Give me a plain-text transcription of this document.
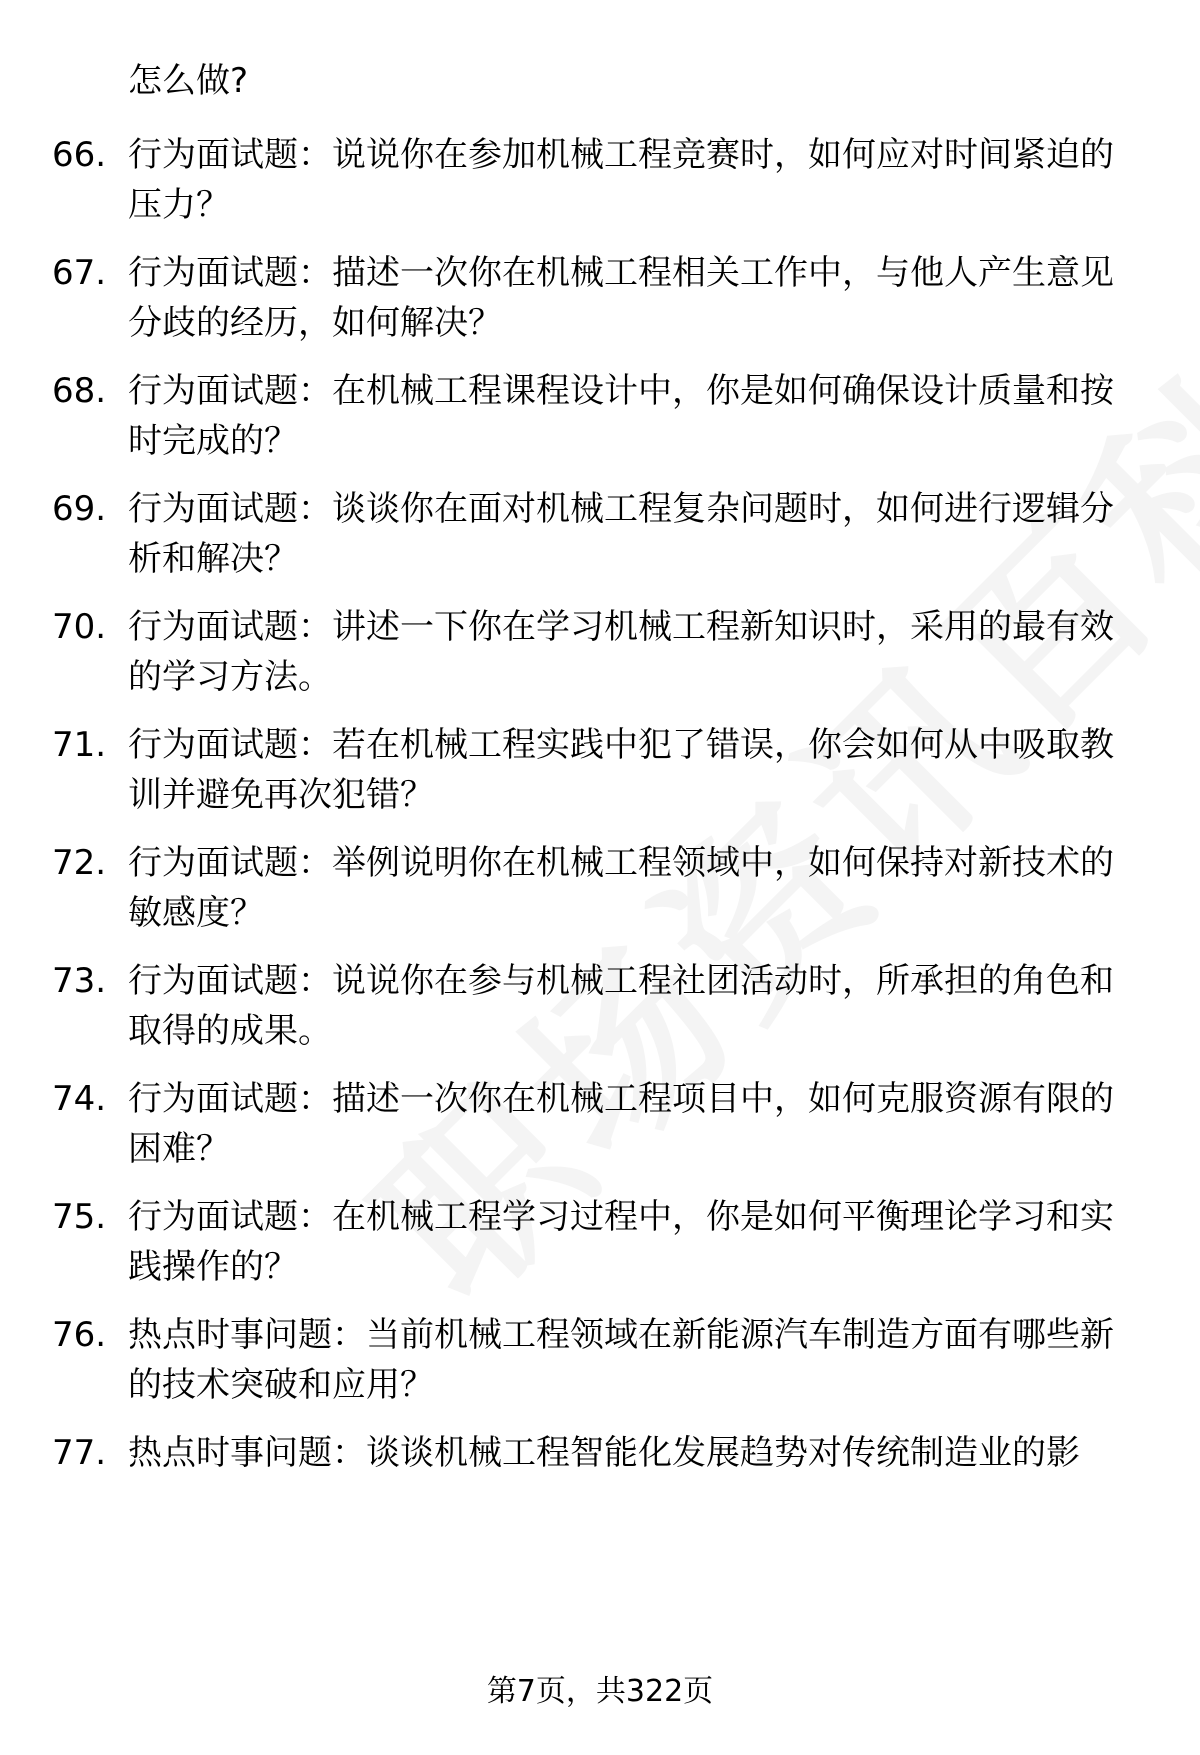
怎么做?
66. 行为面试题：说说你在参加机械工程竞赛时，如何应对时间紧迫的压力？
67. 行为面试题：描述一次你在机械工程相关工作中，与他人产生意见分歧的经历，如何解决？
68. 行为面试题：在机械工程课程设计中，你是如何确保设计质量和按时完成的？
69. 行为面试题：谈谈你在面对机械工程复杂问题时，如何进行逻辑分析和解决？
70. 行为面试题：讲述一下你在学习机械工程新知识时，采用的最有效的学习方法。
71. 行为面试题：若在机械工程实践中犯了错误，你会如何从中吸取教训并避免再次犯错？
72. 行为面试题：举例说明你在机械工程领域中，如何保持对新技术的敏感度？
73. 行为面试题：说说你在参与机械工程社团活动时，所承担的角色和取得的成果。
74. 行为面试题：描述一次你在机械工程项目中，如何克服资源有限的困难？
75. 行为面试题：在机械工程学习过程中，你是如何平衡理论学习和实践操作的？
76. 热点时事问题：当前机械工程领域在新能源汽车制造方面有哪些新的技术突破和应用？
77. 热点时事问题：谈谈机械工程智能化发展趋势对传统制造业的影
第7页，共322页
